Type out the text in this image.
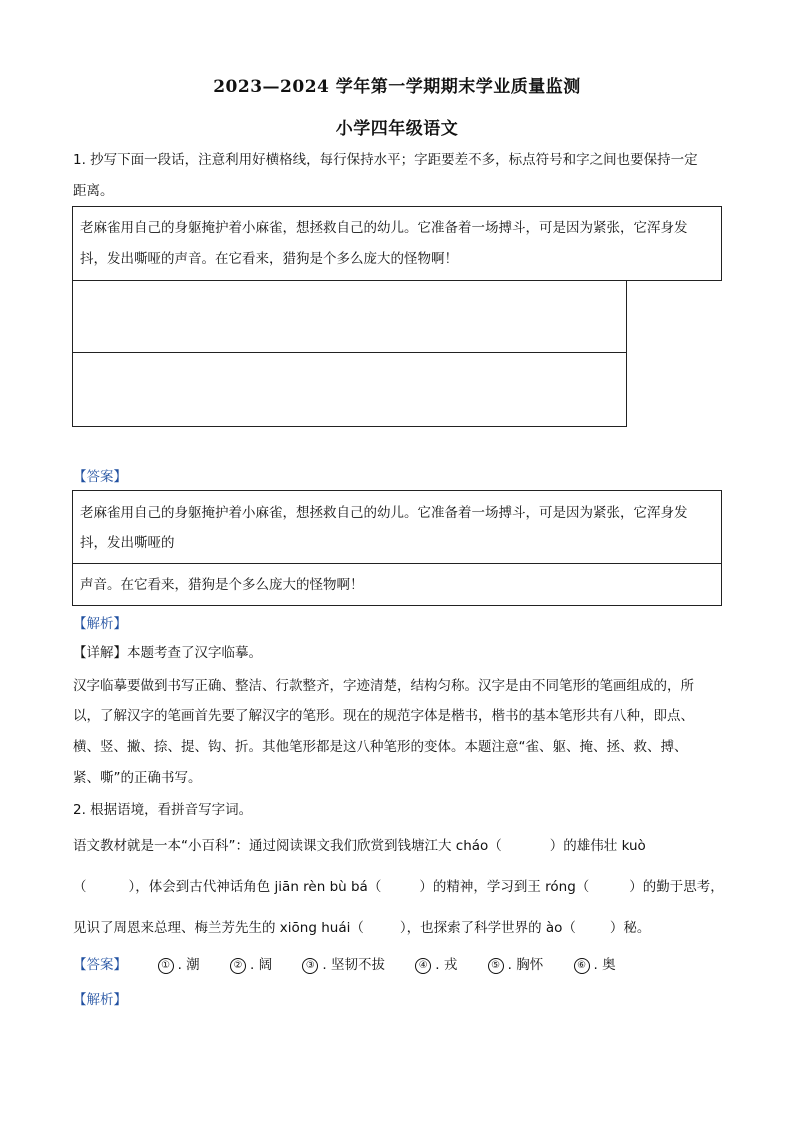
2023—2024 学年第一学期期末学业质量监测
小学四年级语文
1. 抄写下面一段话，注意利用好横格线，每行保持水平；字距要差不多，标点符号和字之间也要保持一定
距离。
老麻雀用自己的身躯掩护着小麻雀，想拯救自己的幼儿。它准备着一场搏斗，可是因为紧张，它浑身发
抖，发出嘶哑的声音。在它看来，猎狗是个多么庞大的怪物啊！
【答案】
老麻雀用自己的身躯掩护着小麻雀，想拯救自己的幼儿。它准备着一场搏斗，可是因为紧张，它浑身发
抖，发出嘶哑的
声音。在它看来，猎狗是个多么庞大的怪物啊！
【解析】
【详解】本题考查了汉字临摹。
汉字临摹要做到书写正确、整洁、行款整齐，字迹清楚，结构匀称。汉字是由不同笔形的笔画组成的，所
以，了解汉字的笔画首先要了解汉字的笔形。现在的规范字体是楷书，楷书的基本笔形共有八种，即点、
横、竖、撇、捺、提、钩、折。其他笔形都是这八种笔形的变体。本题注意“雀、躯、掩、拯、救、搏、
紧、嘶”的正确书写。
2. 根据语境，看拼音写字词。
语文教材就是一本“小百科”：通过阅读课文我们欣赏到钱塘江大 cháo（	）的雄伟壮 kuò
（	），体会到古代神话角色 jiān rèn bù bá（	）的精神，学习到王 róng（	）的勤于思考，
见识了周恩来总理、梅兰芳先生的 xiōng huái（	），也探索了科学世界的 ào（	）秘。
【答案】	① . 潮	② . 阔	③ . 坚韧不拔	④ . 戎	⑤ . 胸怀	⑥ . 奥
【解析】
